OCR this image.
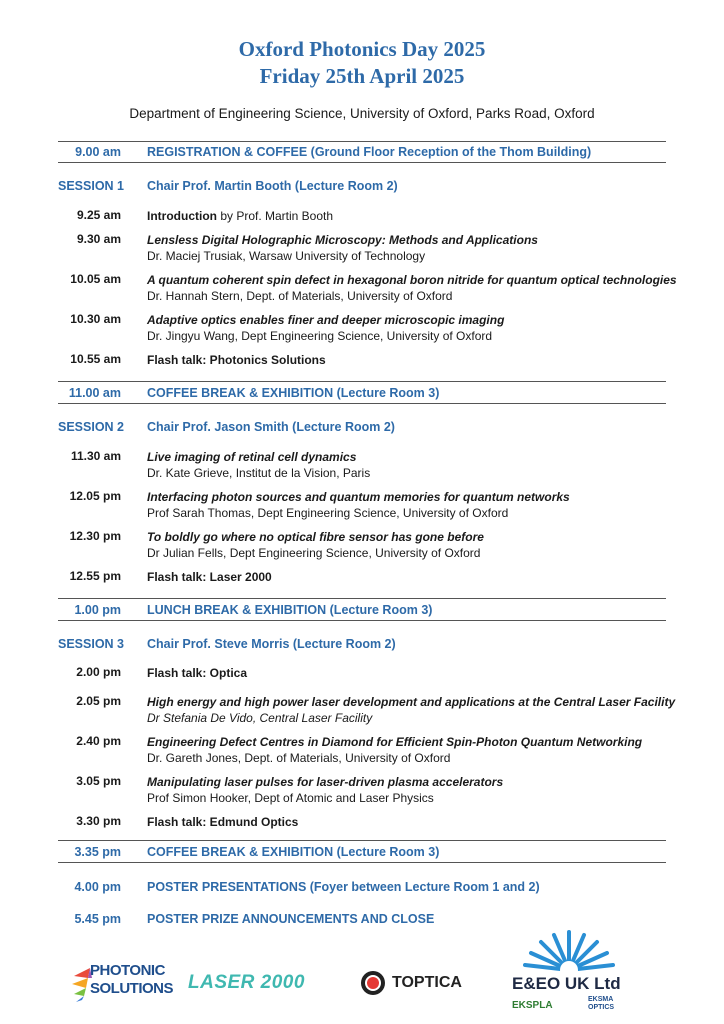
Oxford Photonics Day 2025
Friday 25th April 2025
Department of Engineering Science, University of Oxford, Parks Road, Oxford
9.00 am REGISTRATION & COFFEE (Ground Floor Reception of the Thom Building)
SESSION 1 Chair Prof. Martin Booth (Lecture Room 2)
9.25 am Introduction by Prof. Martin Booth
9.30 am Lensless Digital Holographic Microscopy: Methods and Applications
Dr. Maciej Trusiak, Warsaw University of Technology
10.05 am A quantum coherent spin defect in hexagonal boron nitride for quantum optical technologies
Dr. Hannah Stern, Dept. of Materials, University of Oxford
10.30 am Adaptive optics enables finer and deeper microscopic imaging
Dr. Jingyu Wang, Dept Engineering Science, University of Oxford
10.55 am Flash talk: Photonics Solutions
11.00 am COFFEE BREAK & EXHIBITION (Lecture Room 3)
SESSION 2 Chair Prof. Jason Smith (Lecture Room 2)
11.30 am Live imaging of retinal cell dynamics
Dr. Kate Grieve, Institut de la Vision, Paris
12.05 pm Interfacing photon sources and quantum memories for quantum networks
Prof Sarah Thomas, Dept Engineering Science, University of Oxford
12.30 pm To boldly go where no optical fibre sensor has gone before
Dr Julian Fells, Dept Engineering Science, University of Oxford
12.55 pm Flash talk: Laser 2000
1.00 pm LUNCH BREAK & EXHIBITION (Lecture Room 3)
SESSION 3 Chair Prof. Steve Morris (Lecture Room 2)
2.00 pm Flash talk: Optica
2.05 pm High energy and high power laser development and applications at the Central Laser Facility
Dr Stefania De Vido, Central Laser Facility
2.40 pm Engineering Defect Centres in Diamond for Efficient Spin-Photon Quantum Networking
Dr. Gareth Jones, Dept. of Materials, University of Oxford
3.05 pm Manipulating laser pulses for laser-driven plasma accelerators
Prof Simon Hooker, Dept of Atomic and Laser Physics
3.30 pm Flash talk: Edmund Optics
3.35 pm COFFEE BREAK & EXHIBITION (Lecture Room 3)
4.00 pm POSTER PRESENTATIONS (Foyer between Lecture Room 1 and 2)
5.45 pm POSTER PRIZE ANNOUNCEMENTS AND CLOSE
PHOTONIC
SOLUTIONS LASER 2000	TOPTICA	E&EO UK Ltd
EKSPLA
EKSMA
OPTICS
